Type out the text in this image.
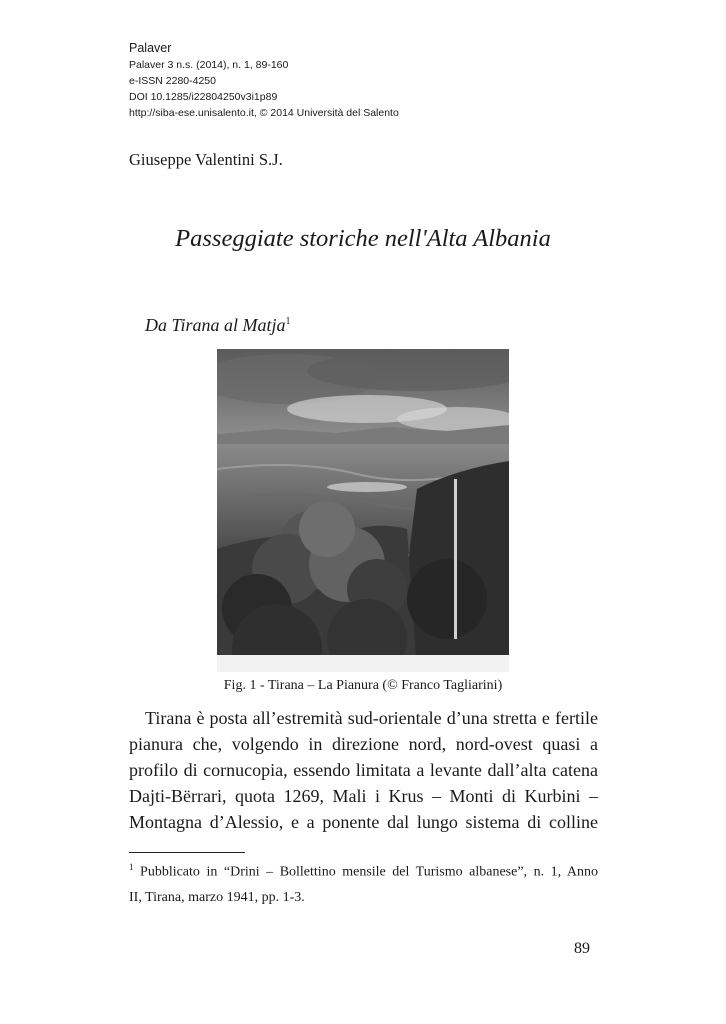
Palaver
Palaver 3 n.s. (2014), n. 1, 89-160
e-ISSN 2280-4250
DOI 10.1285/i22804250v3i1p89
http://siba-ese.unisalento.it, © 2014 Università del Salento
Giuseppe Valentini S.J.
Passeggiate storiche nell'Alta Albania
Da Tirana al Matja$^1$
Fig. 1 - Tirana – La Pianura (© Franco Tagliarini)
Tirana è posta all’estremità sud-orientale d’una stretta e fertile
pianura che, volgendo in direzione nord, nord-ovest quasi a
profilo di cornucopia, essendo limitata a levante dall’alta catena
Dajti-Bërrari, quota 1269, Mali i Krus – Monti di Kurbini –
Montagna d’Alessio, e a ponente dal lungo sistema di colline
$^1$ Pubblicato in “Drini – Bollettino mensile del Turismo albanese”, n. 1, Anno
II, Tirana, marzo 1941, pp. 1-3.
89
